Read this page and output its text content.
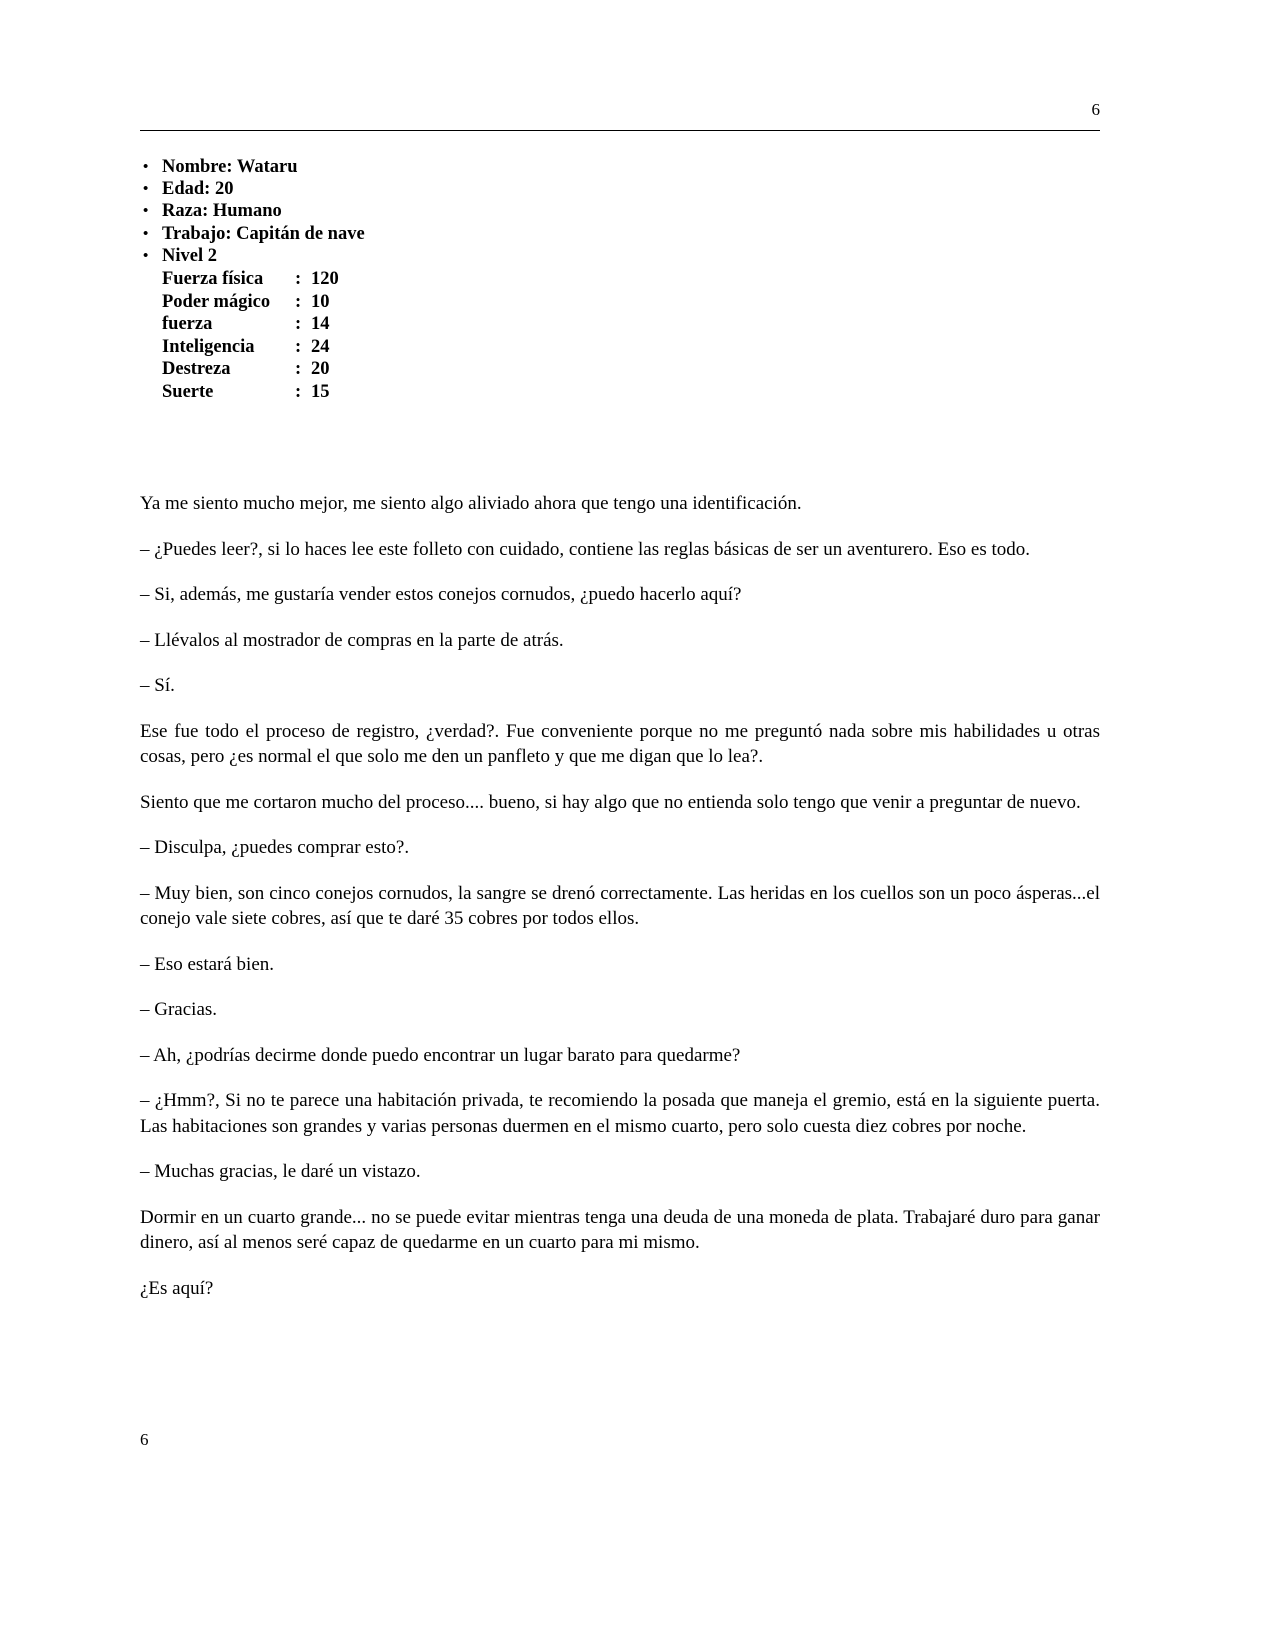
6
• Nombre: Wataru
• Edad: 20
• Raza: Humano
• Trabajo: Capitán de nave
• Nivel 2
Fuerza física : 120
Poder mágico : 10
fuerza	: 14
Inteligencia : 24
Destreza	: 20
Suerte	: 15

Ya me siento mucho mejor, me siento algo aliviado ahora que tengo una identificación.

– ¿Puedes leer?, si lo haces lee este folleto con cuidado, contiene las reglas básicas de ser un aventurero. Eso es todo.

– Si, además, me gustaría vender estos conejos cornudos, ¿puedo hacerlo aquí?

– Llévalos al mostrador de compras en la parte de atrás.

– Sí.

Ese fue todo el proceso de registro, ¿verdad?. Fue conveniente porque no me preguntó nada sobre mis habilidades u otras cosas, pero ¿es normal el que solo me den un panfleto y que me digan que lo lea?.

Siento que me cortaron mucho del proceso.... bueno, si hay algo que no entienda solo tengo que venir a preguntar de nuevo.

– Disculpa, ¿puedes comprar esto?.

– Muy bien, son cinco conejos cornudos, la sangre se drenó correctamente. Las heridas en los cuellos son un poco ásperas...el conejo vale siete cobres, así que te daré 35 cobres por todos ellos.

– Eso estará bien.

– Gracias.

– Ah, ¿podrías decirme donde puedo encontrar un lugar barato para quedarme?

– ¿Hmm?, Si no te parece una habitación privada, te recomiendo la posada que maneja el gremio, está en la siguiente puerta. Las habitaciones son grandes y varias personas duermen en el mismo cuarto, pero solo cuesta diez cobres por noche.

– Muchas gracias, le daré un vistazo.

Dormir en un cuarto grande... no se puede evitar mientras tenga una deuda de una moneda de plata. Trabajaré duro para ganar dinero, así al menos seré capaz de quedarme en un cuarto para mi mismo.

¿Es aquí?

6
